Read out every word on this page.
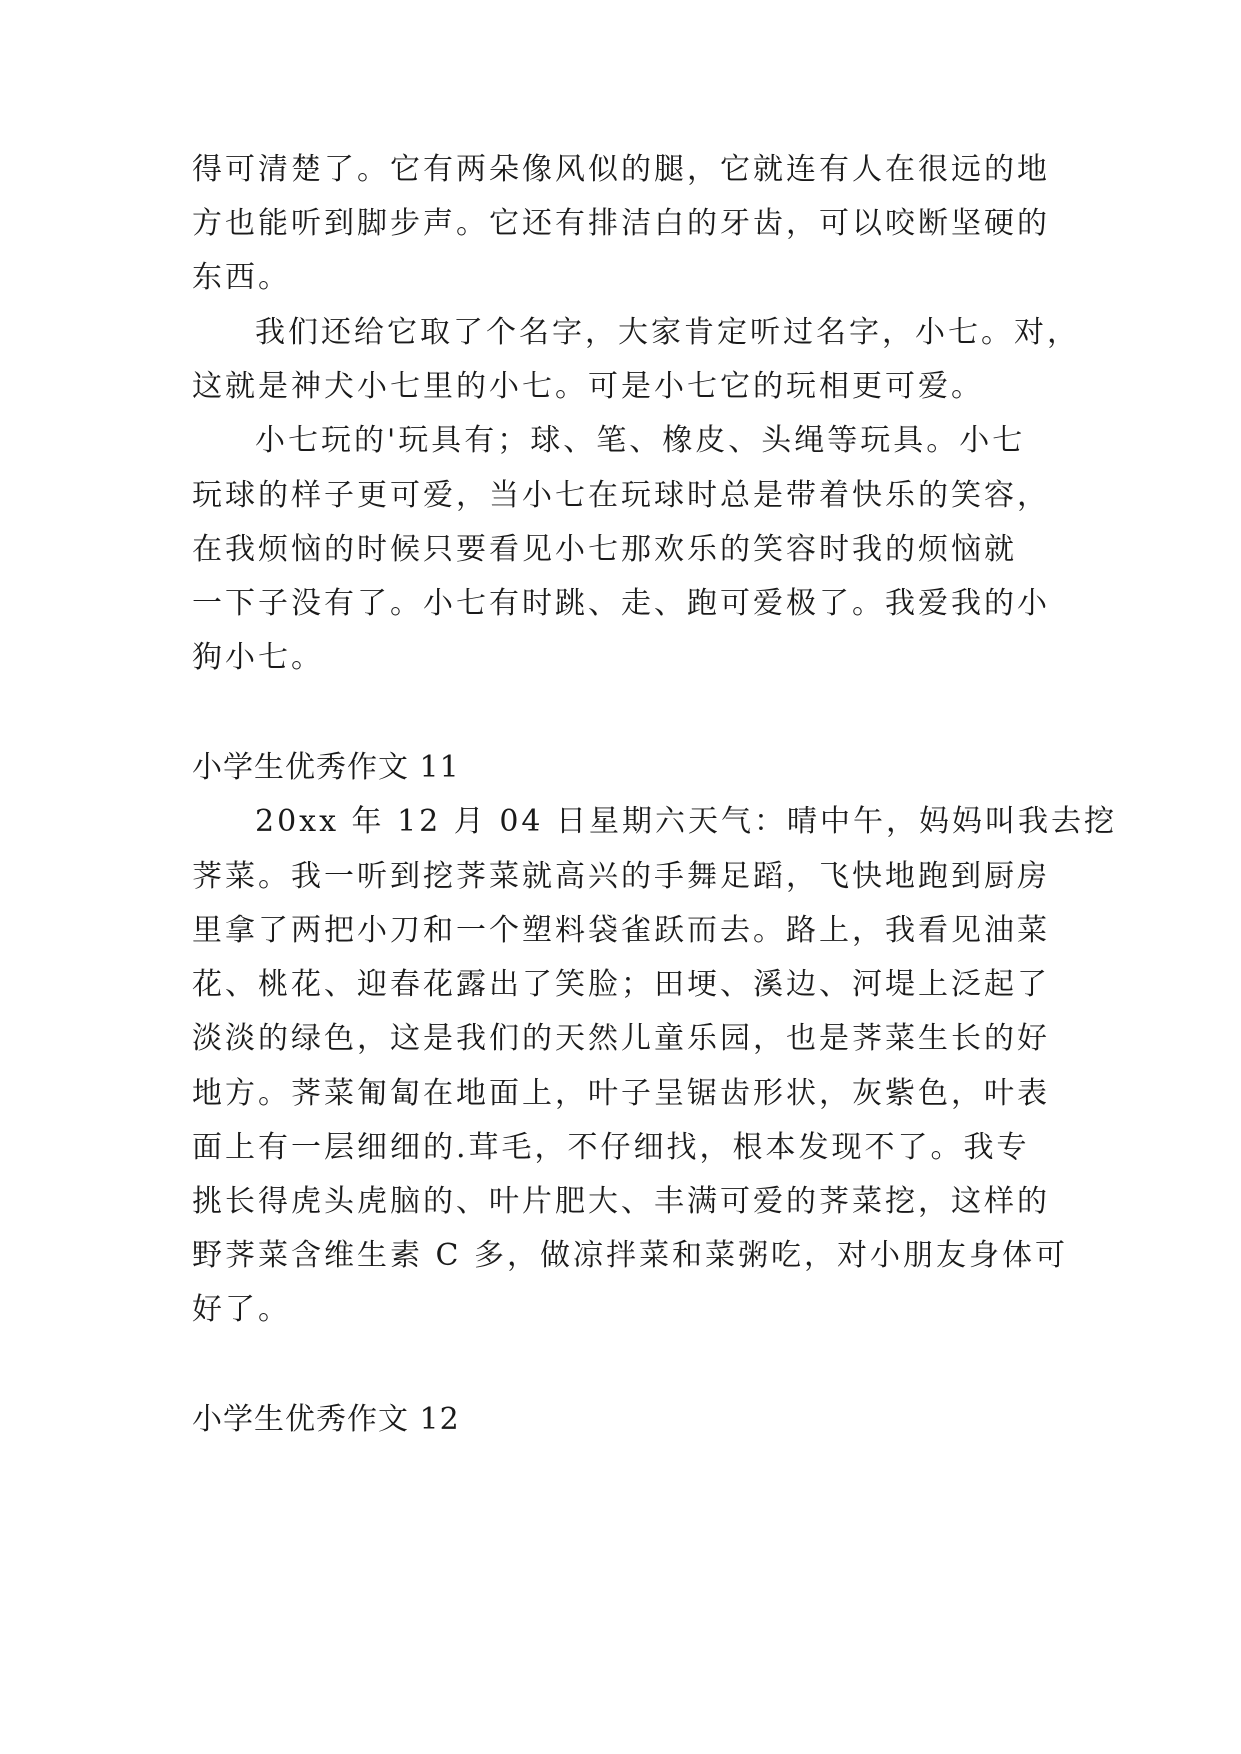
得可清楚了。它有两朵像风似的腿，它就连有人在很远的地
方也能听到脚步声。它还有排洁白的牙齿，可以咬断坚硬的
东西。
我们还给它取了个名字，大家肯定听过名字，小七。对，
这就是神犬小七里的小七。可是小七它的玩相更可爱。
小七玩的'玩具有；球、笔、橡皮、头绳等玩具。小七
玩球的样子更可爱，当小七在玩球时总是带着快乐的笑容，
在我烦恼的时候只要看见小七那欢乐的笑容时我的烦恼就
一下子没有了。小七有时跳、走、跑可爱极了。我爱我的小
狗小七。
小学生优秀作文 11
20xx 年 12 月 04 日星期六天气：晴中午，妈妈叫我去挖
荠菜。我一听到挖荠菜就高兴的手舞足蹈，飞快地跑到厨房
里拿了两把小刀和一个塑料袋雀跃而去。路上，我看见油菜
花、桃花、迎春花露出了笑脸；田埂、溪边、河堤上泛起了
淡淡的绿色，这是我们的天然儿童乐园，也是荠菜生长的好
地方。荠菜匍匐在地面上，叶子呈锯齿形状，灰紫色，叶表
面上有一层细细的.茸毛，不仔细找，根本发现不了。我专
挑长得虎头虎脑的、叶片肥大、丰满可爱的荠菜挖，这样的
野荠菜含维生素 C 多，做凉拌菜和菜粥吃，对小朋友身体可
好了。
小学生优秀作文 12
